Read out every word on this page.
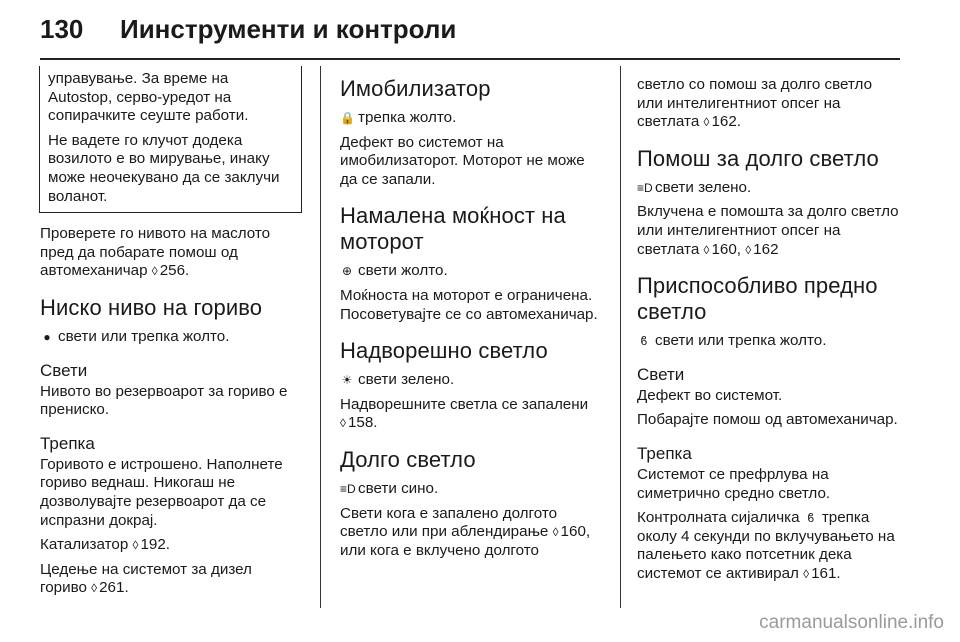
130 Иинструменти и контроли

управување. За време на Autostop, серво-уредот на сопирачките сеуште работи.

Не вадете го клучот додека возилото е во мирување, инаку може неочекувано да се заклучи воланот.

Проверете го нивото на маслото пред да побарате помош од автомеханичар ◊ 256.

Ниско ниво на гориво

● свети или трепка жолто.

Свети

Нивото во резервоарот за гориво е прениско.

Трепка

Горивото е истрошено. Наполнете гориво веднаш. Никогаш не дозволувајте резервоарот да се испразни докрај.

Катализатор ◊ 192.

Цедење на системот за дизел гориво ◊ 261.

Имобилизатор

🔒 трепка жолто.

Дефект во системот на имобилизаторот. Моторот не може да се запали.

Намалена моќност на моторот

⊕ свети жолто.

Моќноста на моторот е ограничена. Посоветувајте се со автомеханичар.

Надворешно светло

☀ свети зелено.

Надворешните светла се запалени ◊ 158.

Долго светло

≡D свети сино.

Свети кога е запалено долгото светло или при аблендирање ◊ 160, или кога е вклучено долгото

светло со помош за долго светло или интелигентниот опсег на светлата ◊ 162.

Помош за долго светло

≡D свети зелено.

Вклучена е помошта за долго светло или интелигентниот опсег на светлата ◊ 160, ◊ 162

Приспособливо предно светло

ϐ свети или трепка жолто.

Свети

Дефект во системот.

Побарајте помош од автомеханичар.

Трепка

Системот се префрлува на симетрично средно светло.

Контролната сијаличка ϐ трепка околу 4 секунди по вклучувањето на палењето како потсетник дека системот се активирал ◊ 161.

carmanualsonline.info
